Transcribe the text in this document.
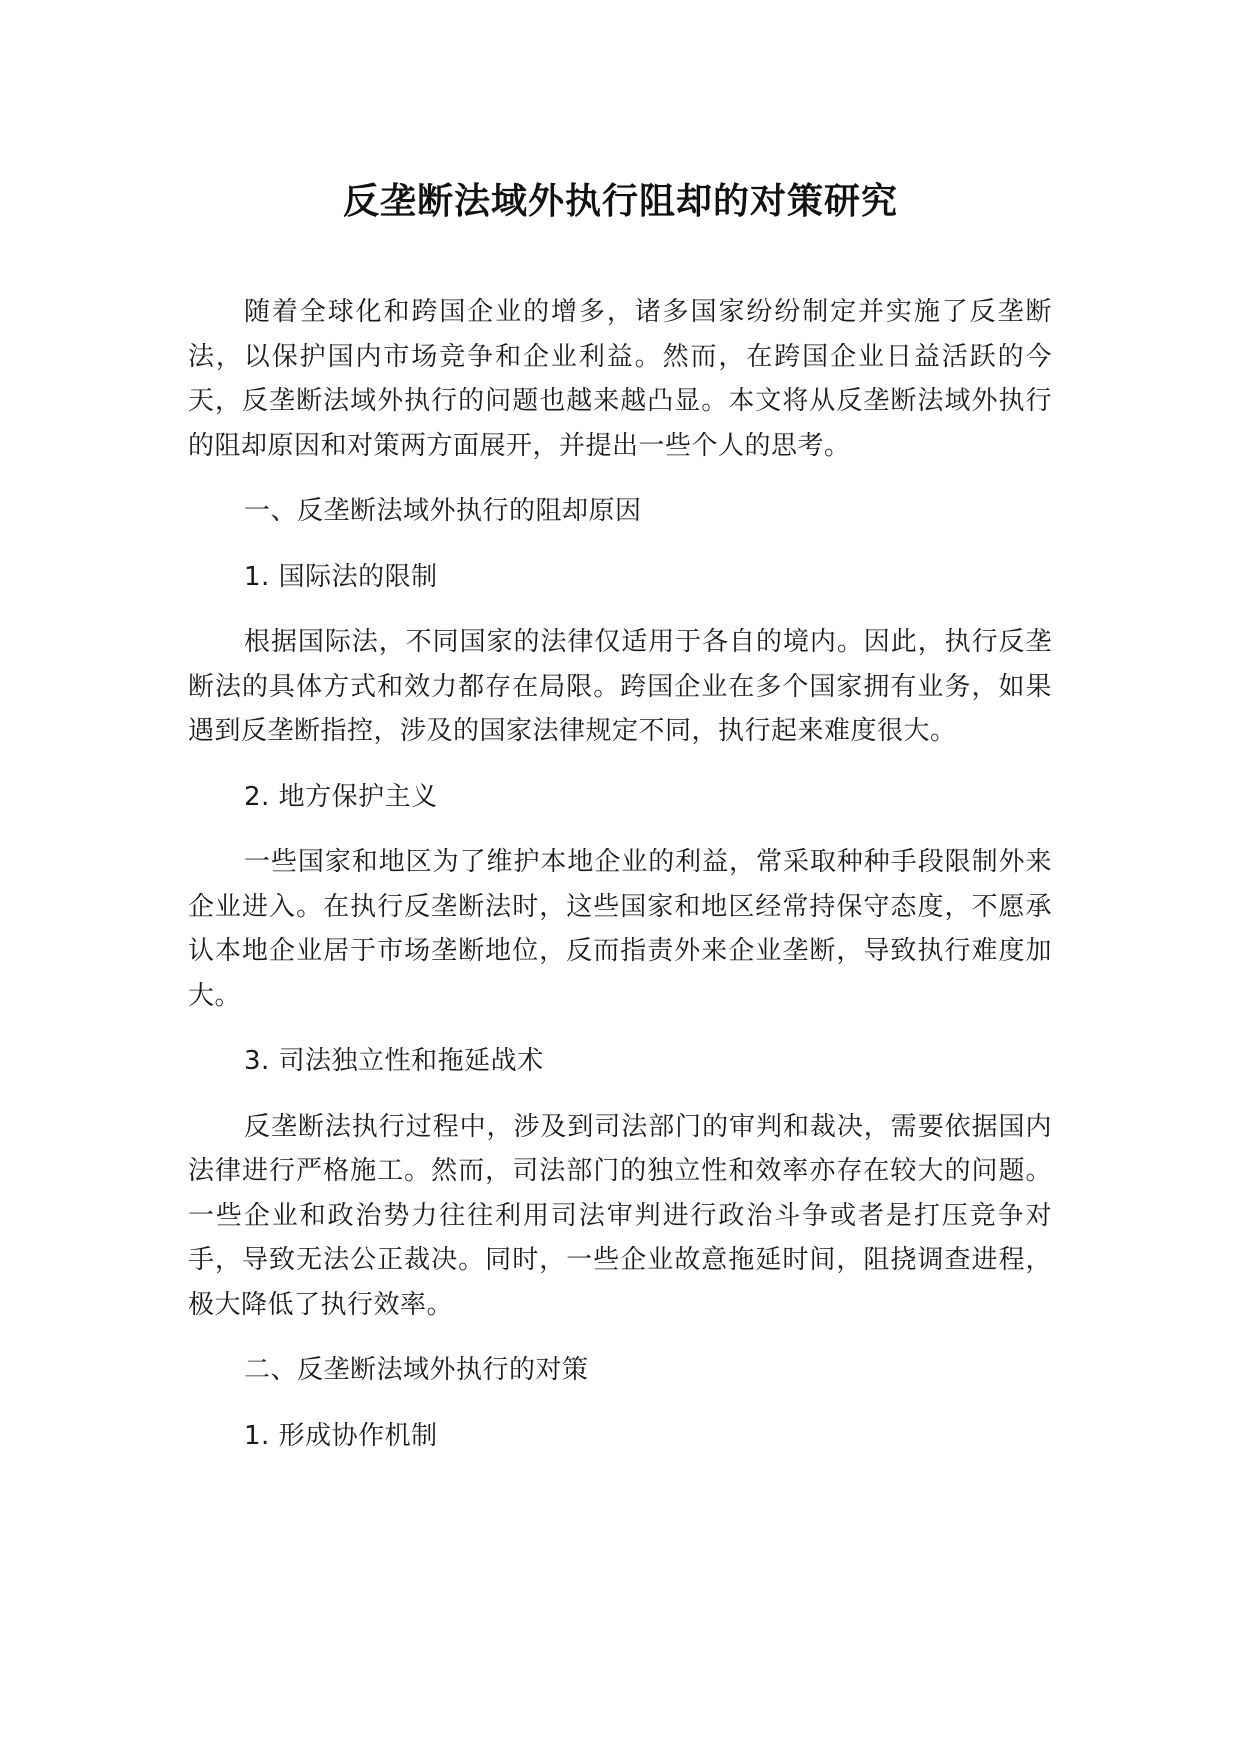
反垄断法域外执行阻却的对策研究

随着全球化和跨国企业的增多，诸多国家纷纷制定并实施了反垄断法，以保护国内市场竞争和企业利益。然而，在跨国企业日益活跃的今天，反垄断法域外执行的问题也越来越凸显。本文将从反垄断法域外执行的阻却原因和对策两方面展开，并提出一些个人的思考。

一、反垄断法域外执行的阻却原因

1. 国际法的限制

根据国际法，不同国家的法律仅适用于各自的境内。因此，执行反垄断法的具体方式和效力都存在局限。跨国企业在多个国家拥有业务，如果遇到反垄断指控，涉及的国家法律规定不同，执行起来难度很大。

2. 地方保护主义

一些国家和地区为了维护本地企业的利益，常采取种种手段限制外来企业进入。在执行反垄断法时，这些国家和地区经常持保守态度，不愿承认本地企业居于市场垄断地位，反而指责外来企业垄断，导致执行难度加大。

3. 司法独立性和拖延战术

反垄断法执行过程中，涉及到司法部门的审判和裁决，需要依据国内法律进行严格施工。然而，司法部门的独立性和效率亦存在较大的问题。一些企业和政治势力往往利用司法审判进行政治斗争或者是打压竞争对手，导致无法公正裁决。同时，一些企业故意拖延时间，阻挠调查进程，极大降低了执行效率。

二、反垄断法域外执行的对策

1. 形成协作机制
